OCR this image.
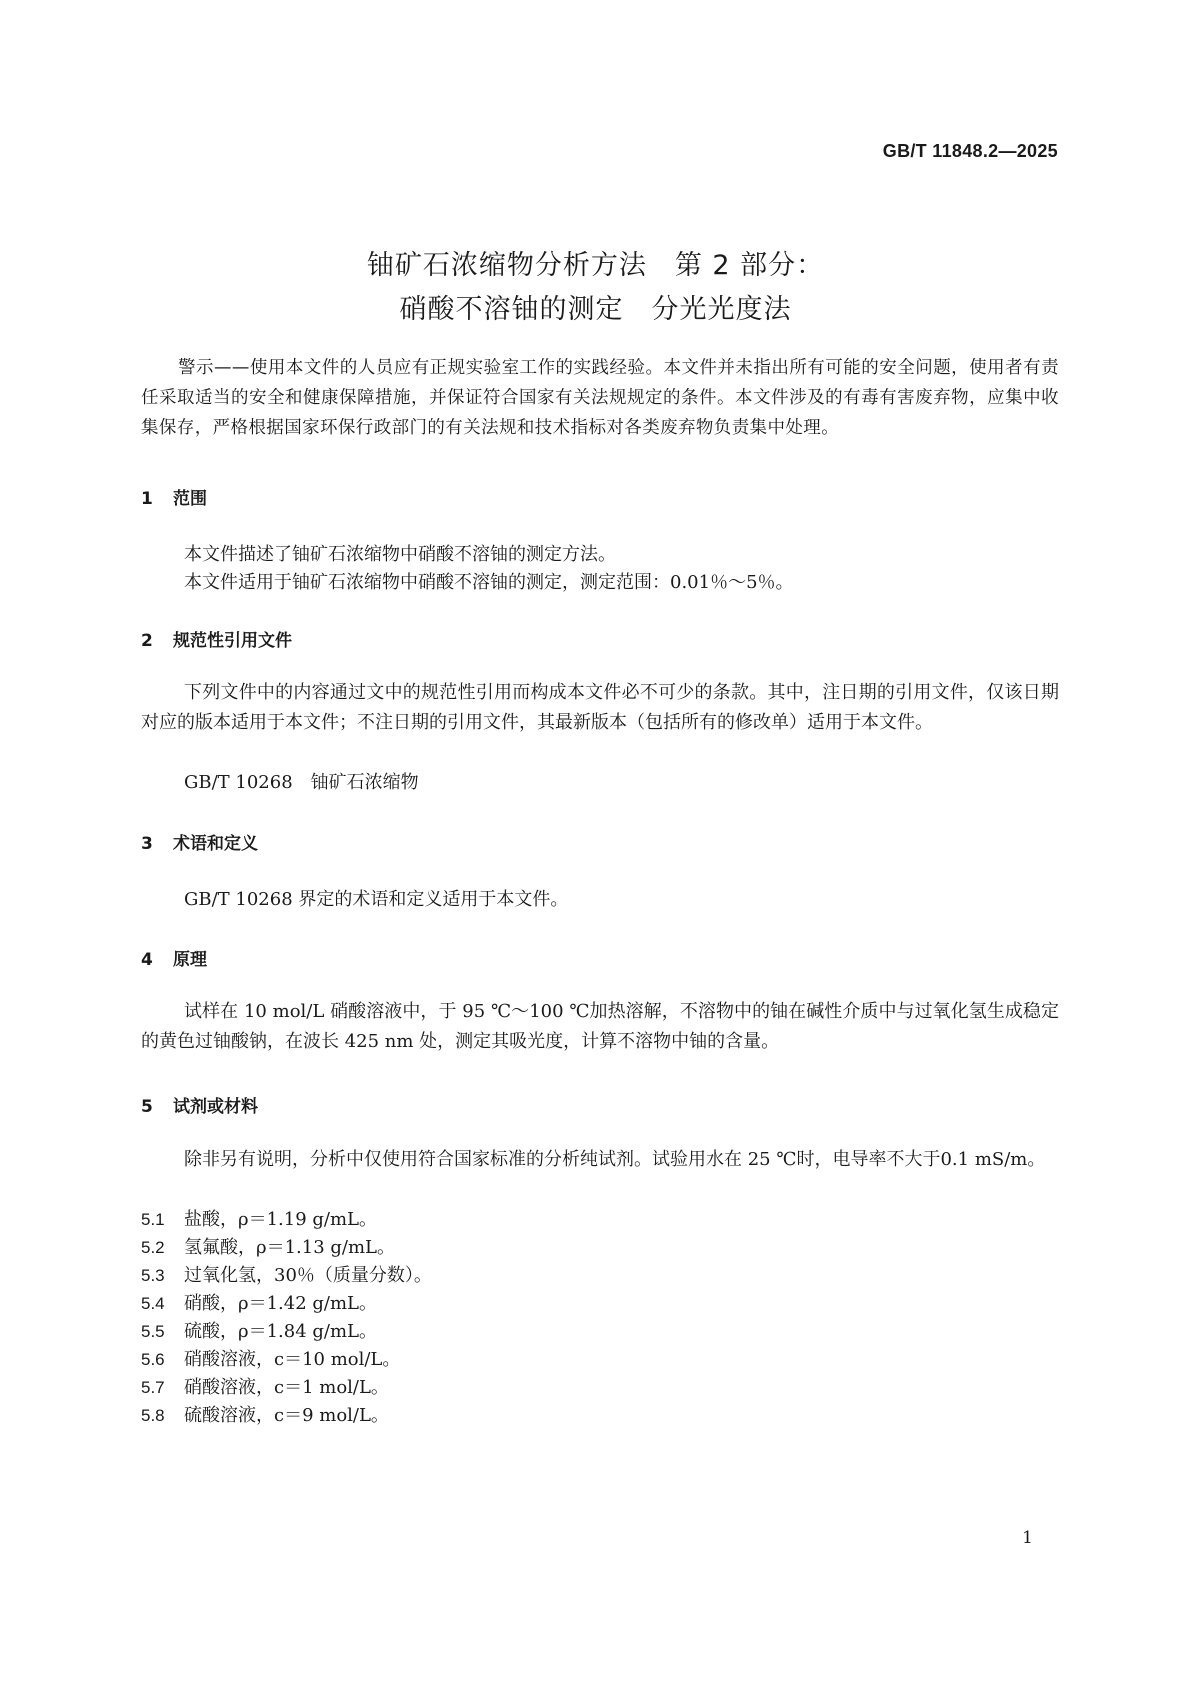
GB/T 11848.2—2025
铀矿石浓缩物分析方法 第 2 部分：
硝酸不溶铀的测定 分光光度法
警示——使用本文件的人员应有正规实验室工作的实践经验。本文件并未指出所有可能的安全问题，使用者有责任采取适当的安全和健康保障措施，并保证符合国家有关法规规定的条件。本文件涉及的有毒有害废弃物，应集中收集保存，严格根据国家环保行政部门的有关法规和技术指标对各类废弃物负责集中处理。
1 范围
本文件描述了铀矿石浓缩物中硝酸不溶铀的测定方法。
本文件适用于铀矿石浓缩物中硝酸不溶铀的测定，测定范围：0.01％～5％。
2 规范性引用文件
下列文件中的内容通过文中的规范性引用而构成本文件必不可少的条款。其中，注日期的引用文件，仅该日期对应的版本适用于本文件；不注日期的引用文件，其最新版本（包括所有的修改单）适用于本文件。
GB/T 10268　铀矿石浓缩物
3 术语和定义
GB/T 10268 界定的术语和定义适用于本文件。
4 原理
试样在 10 mol/L 硝酸溶液中，于 95 ℃～100 ℃加热溶解，不溶物中的铀在碱性介质中与过氧化氢生成稳定的黄色过铀酸钠，在波长 425 nm 处，测定其吸光度，计算不溶物中铀的含量。
5 试剂或材料
除非另有说明，分析中仅使用符合国家标准的分析纯试剂。试验用水在 25 ℃时，电导率不大于0.1 mS/m。
5.1 盐酸，ρ＝1.19 g/mL。
5.2 氢氟酸，ρ＝1.13 g/mL。
5.3 过氧化氢，30％（质量分数）。
5.4 硝酸，ρ＝1.42 g/mL。
5.5 硫酸，ρ＝1.84 g/mL。
5.6 硝酸溶液，c＝10 mol/L。
5.7 硝酸溶液，c＝1 mol/L。
5.8 硫酸溶液，c＝9 mol/L。
1
